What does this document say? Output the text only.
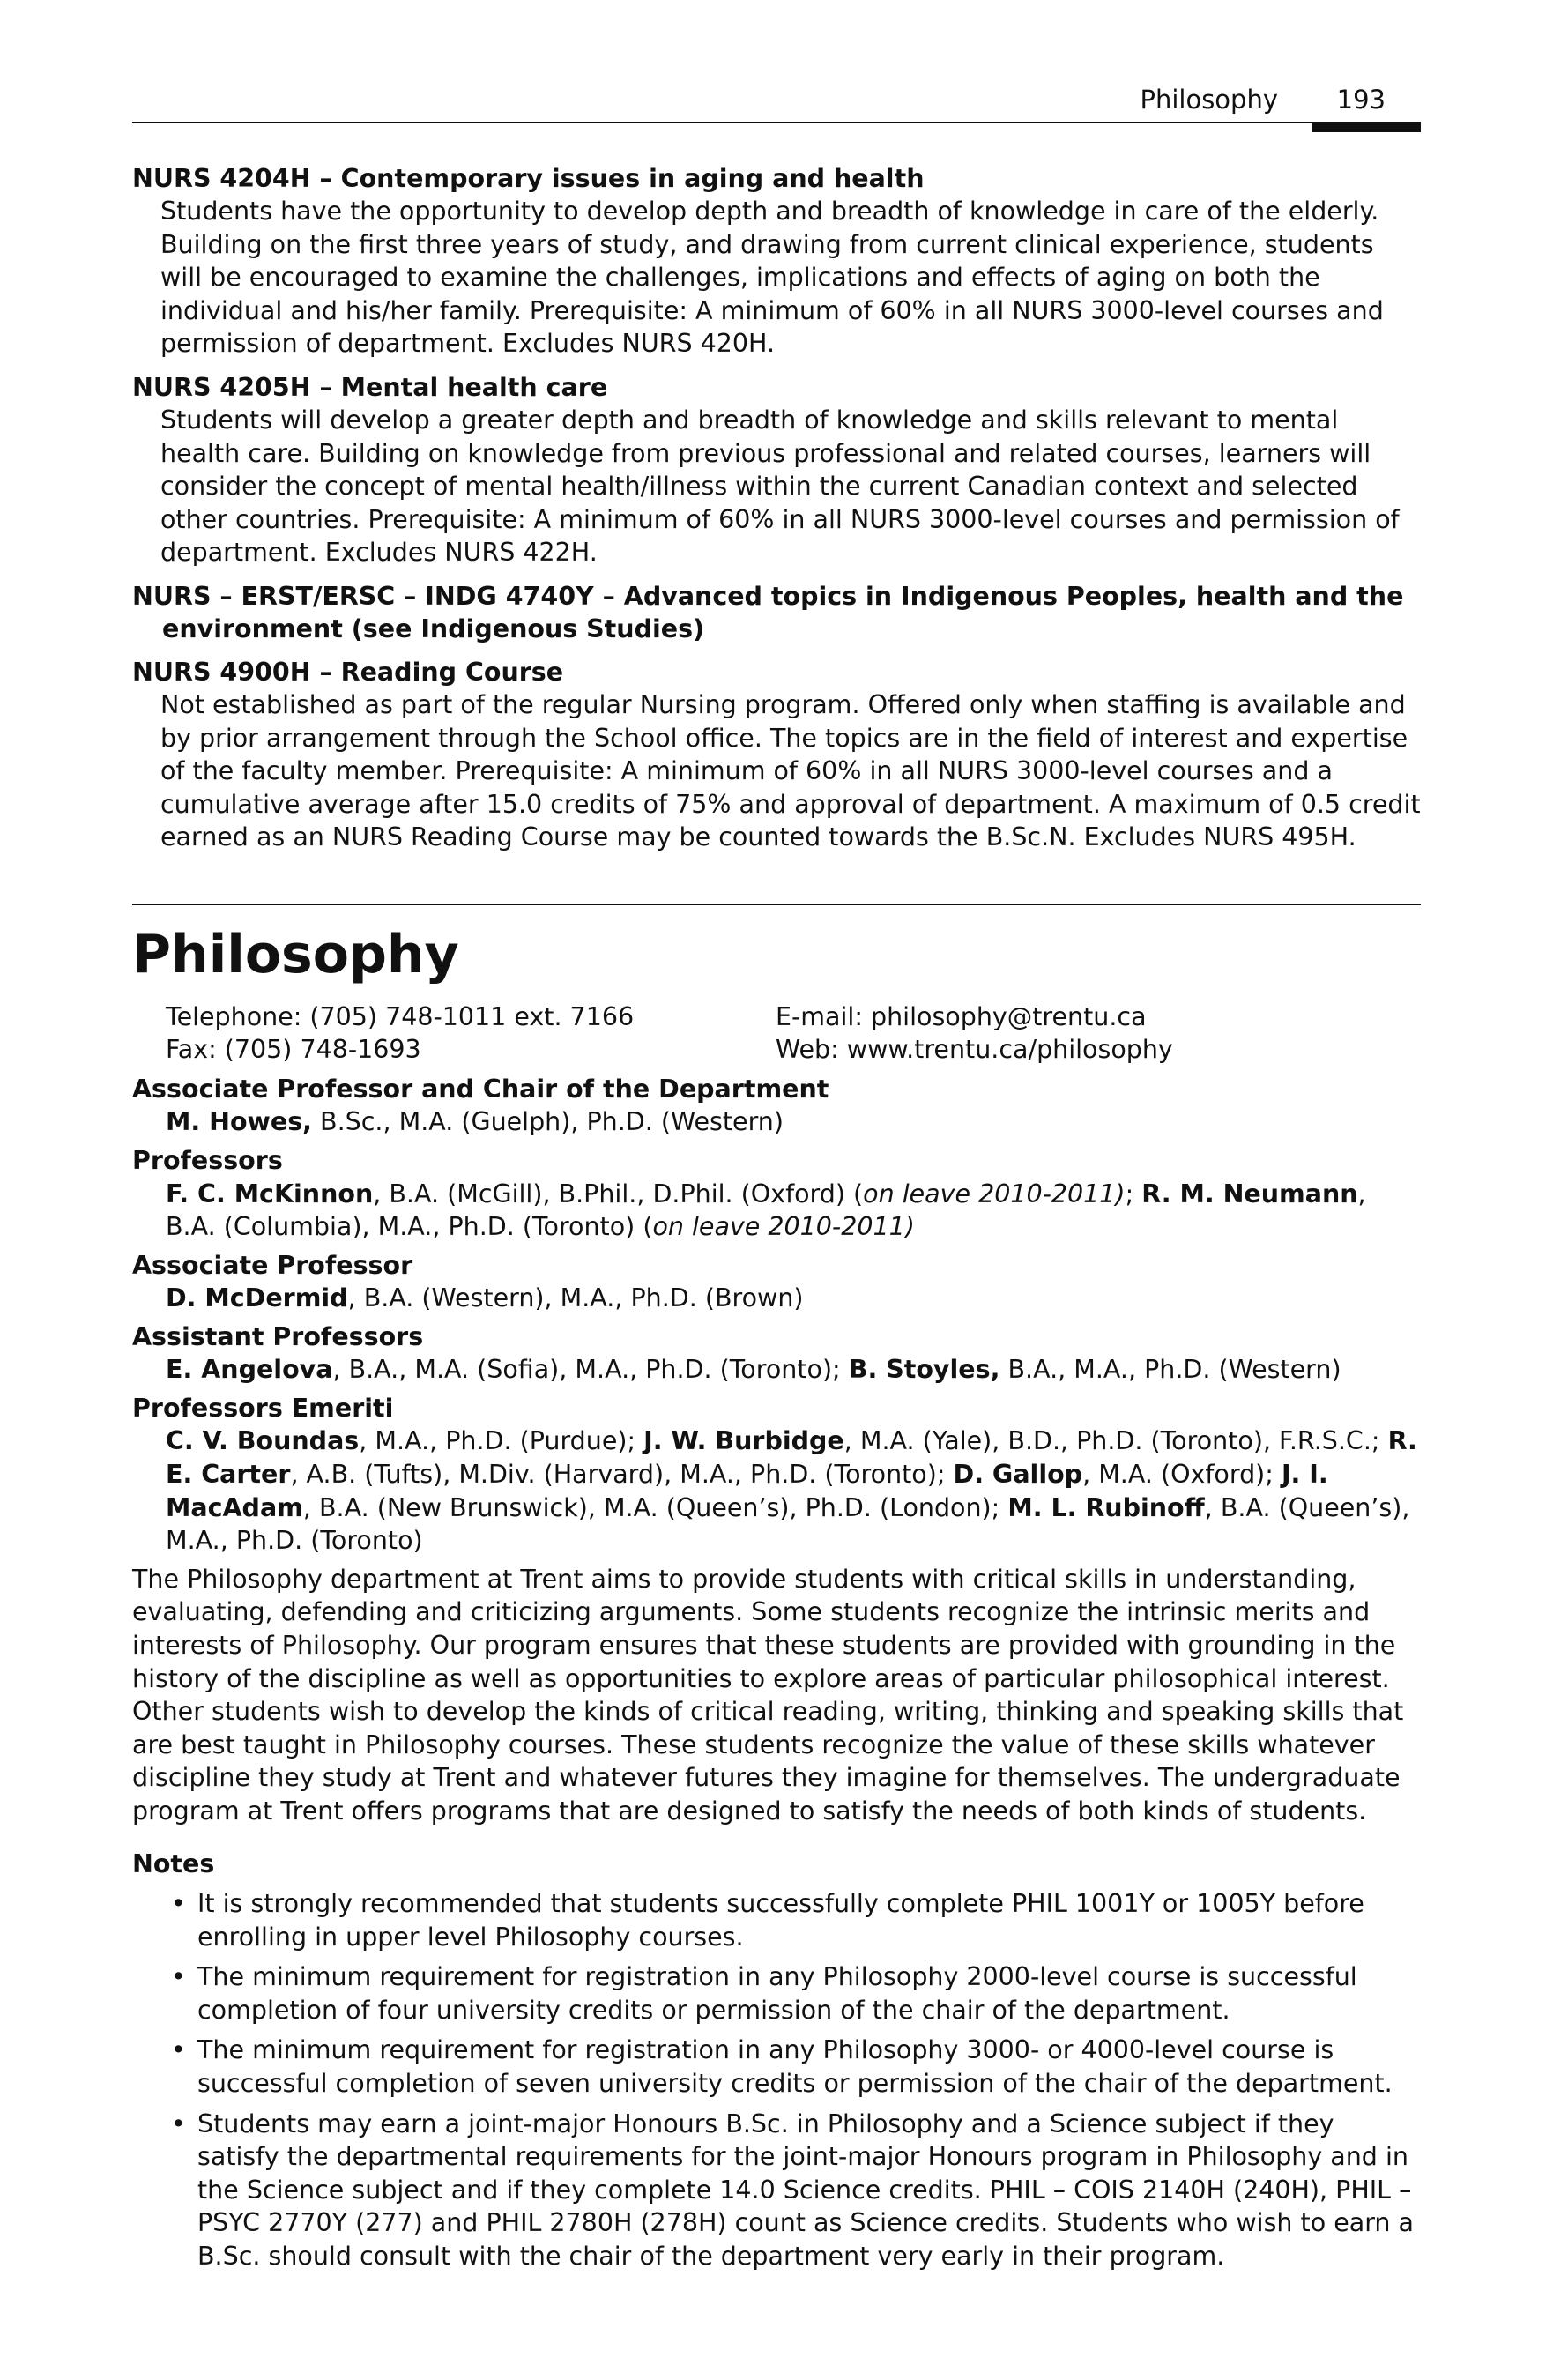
Philosophy 193
NURS 4204H – Contemporary issues in aging and health
Students have the opportunity to develop depth and breadth of knowledge in care of the elderly. Building on the first three years of study, and drawing from current clinical experience, students will be encouraged to examine the challenges, implications and effects of aging on both the individual and his/her family. Prerequisite: A minimum of 60% in all NURS 3000-level courses and permission of department. Excludes NURS 420H.
NURS 4205H – Mental health care
Students will develop a greater depth and breadth of knowledge and skills relevant to mental health care. Building on knowledge from previous professional and related courses, learners will consider the concept of mental health/illness within the current Canadian context and selected other countries. Prerequisite: A minimum of 60% in all NURS 3000-level courses and permission of department. Excludes NURS 422H.
NURS – ERST/ERSC – INDG 4740Y – Advanced topics in Indigenous Peoples, health and the environment (see Indigenous Studies)
NURS 4900H – Reading Course
Not established as part of the regular Nursing program. Offered only when staffing is available and by prior arrangement through the School office. The topics are in the field of interest and expertise of the faculty member. Prerequisite: A minimum of 60% in all NURS 3000-level courses and a cumulative average after 15.0 credits of 75% and approval of department. A maximum of 0.5 credit earned as an NURS Reading Course may be counted towards the B.Sc.N. Excludes NURS 495H.
Philosophy
Telephone: (705) 748-1011 ext. 7166
Fax: (705) 748-1693
E-mail: philosophy@trentu.ca
Web: www.trentu.ca/philosophy
Associate Professor and Chair of the Department
M. Howes, B.Sc., M.A. (Guelph), Ph.D. (Western)
Professors
F. C. McKinnon, B.A. (McGill), B.Phil., D.Phil. (Oxford) (on leave 2010-2011); R. M. Neumann, B.A. (Columbia), M.A., Ph.D. (Toronto) (on leave 2010-2011)
Associate Professor
D. McDermid, B.A. (Western), M.A., Ph.D. (Brown)
Assistant Professors
E. Angelova, B.A., M.A. (Sofia), M.A., Ph.D. (Toronto); B. Stoyles, B.A., M.A., Ph.D. (Western)
Professors Emeriti
C. V. Boundas, M.A., Ph.D. (Purdue); J. W. Burbidge, M.A. (Yale), B.D., Ph.D. (Toronto), F.R.S.C.; R. E. Carter, A.B. (Tufts), M.Div. (Harvard), M.A., Ph.D. (Toronto); D. Gallop, M.A. (Oxford); J. I. MacAdam, B.A. (New Brunswick), M.A. (Queen’s), Ph.D. (London); M. L. Rubinoff, B.A. (Queen’s), M.A., Ph.D. (Toronto)
The Philosophy department at Trent aims to provide students with critical skills in understanding, evaluating, defending and criticizing arguments. Some students recognize the intrinsic merits and interests of Philosophy. Our program ensures that these students are provided with grounding in the history of the discipline as well as opportunities to explore areas of particular philosophical interest. Other students wish to develop the kinds of critical reading, writing, thinking and speaking skills that are best taught in Philosophy courses. These students recognize the value of these skills whatever discipline they study at Trent and whatever futures they imagine for themselves. The undergraduate program at Trent offers programs that are designed to satisfy the needs of both kinds of students.
Notes
• It is strongly recommended that students successfully complete PHIL 1001Y or 1005Y before enrolling in upper level Philosophy courses.
• The minimum requirement for registration in any Philosophy 2000-level course is successful completion of four university credits or permission of the chair of the department.
• The minimum requirement for registration in any Philosophy 3000- or 4000-level course is successful completion of seven university credits or permission of the chair of the department.
• Students may earn a joint-major Honours B.Sc. in Philosophy and a Science subject if they satisfy the departmental requirements for the joint-major Honours program in Philosophy and in the Science subject and if they complete 14.0 Science credits. PHIL – COIS 2140H (240H), PHIL – PSYC 2770Y (277) and PHIL 2780H (278H) count as Science credits. Students who wish to earn a B.Sc. should consult with the chair of the department very early in their program.
